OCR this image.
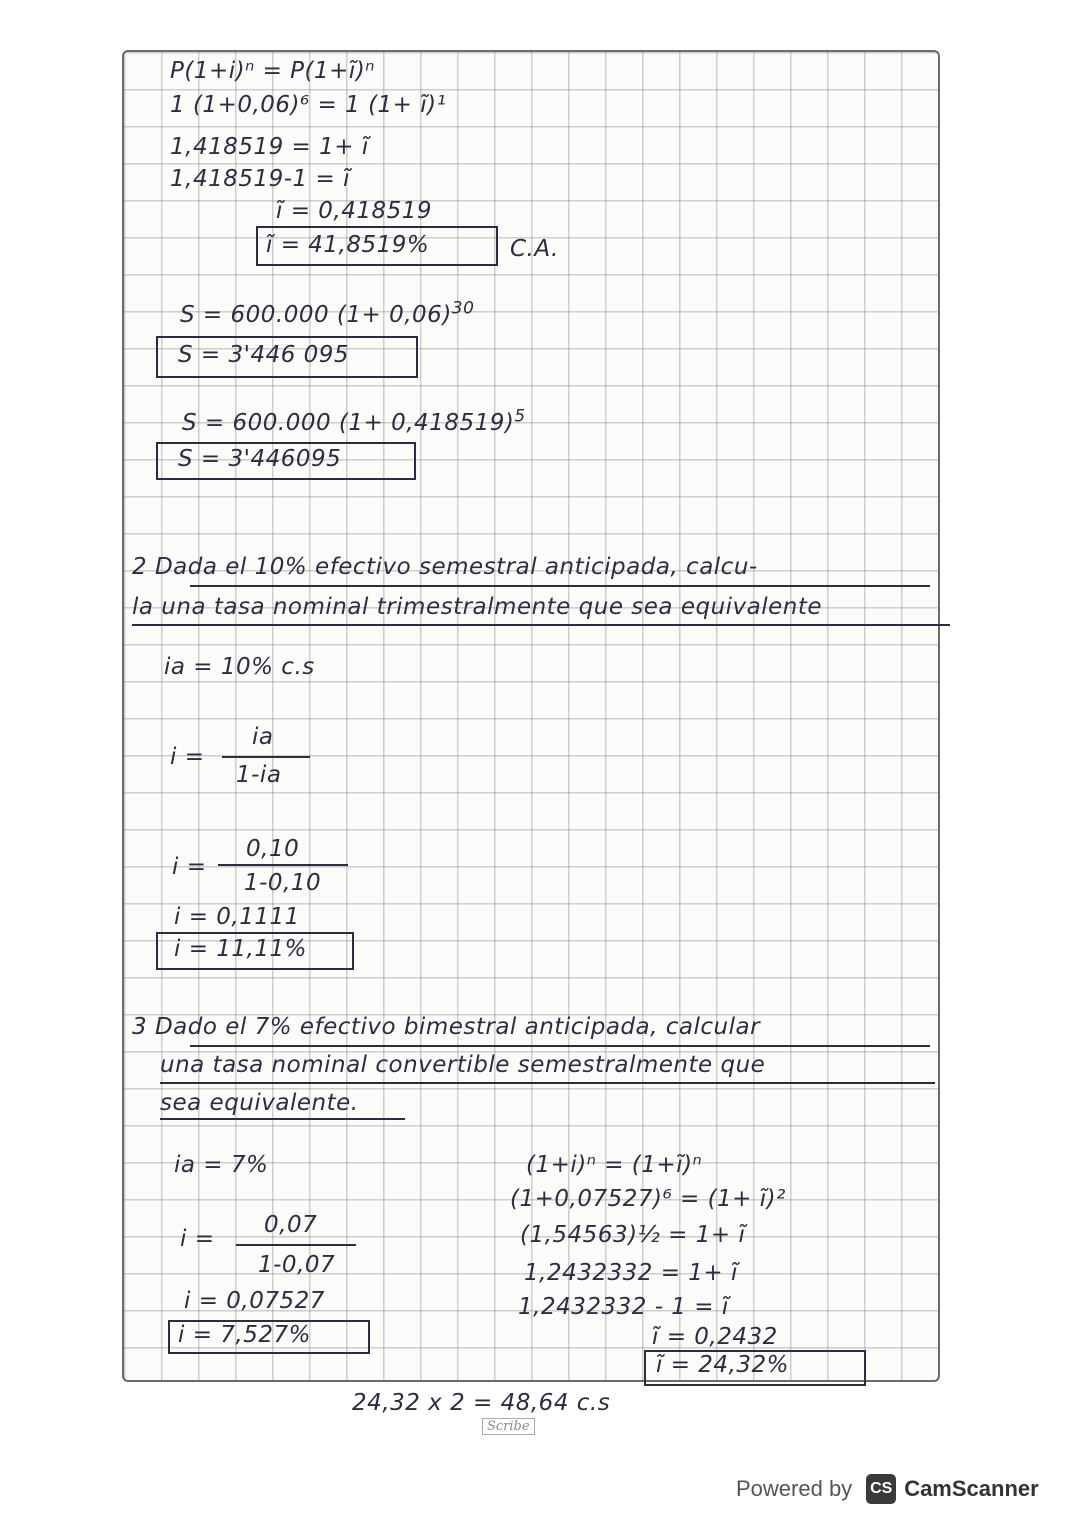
P(1+i)ⁿ = P(1+ĩ)ⁿ
1 (1+0,06)⁶ = 1 (1+ ĩ)¹
1,418519 = 1+ ĩ
1,418519-1 = ĩ
ĩ = 0,418519
ĩ = 41,8519%	C.A.
S = 600.000 $(1+ 0,06)^{30}$
S = 3'446 095
S = 600.000 $(1+ 0,418519)^5$
S = 3'446095
2 Dada el 10% efectivo semestral anticipada, calcu-
la una tasa nominal trimestralmente que sea equivalente
ia = 10% c.s
i =
ia
1-ia
i =
0,10
1-0,10
i = 0,1111
i = 11,11%
3 Dado el 7% efectivo bimestral anticipada, calcular
una tasa nominal convertible semestralmente que
sea equivalente.
ia = 7%
i =
0,07
1-0,07
i = 0,07527
i = 7,527%
(1+i)ⁿ = (1+ĩ)ⁿ
(1+0,07527)⁶ = (1+ ĩ)²
(1,54563)½ = 1+ ĩ
1,2432332 = 1+ ĩ
1,2432332 - 1 = ĩ
ĩ = 0,2432
ĩ = 24,32%
24,32 x 2 = 48,64 c.s
Scribe
Powered by CS CamScanner
